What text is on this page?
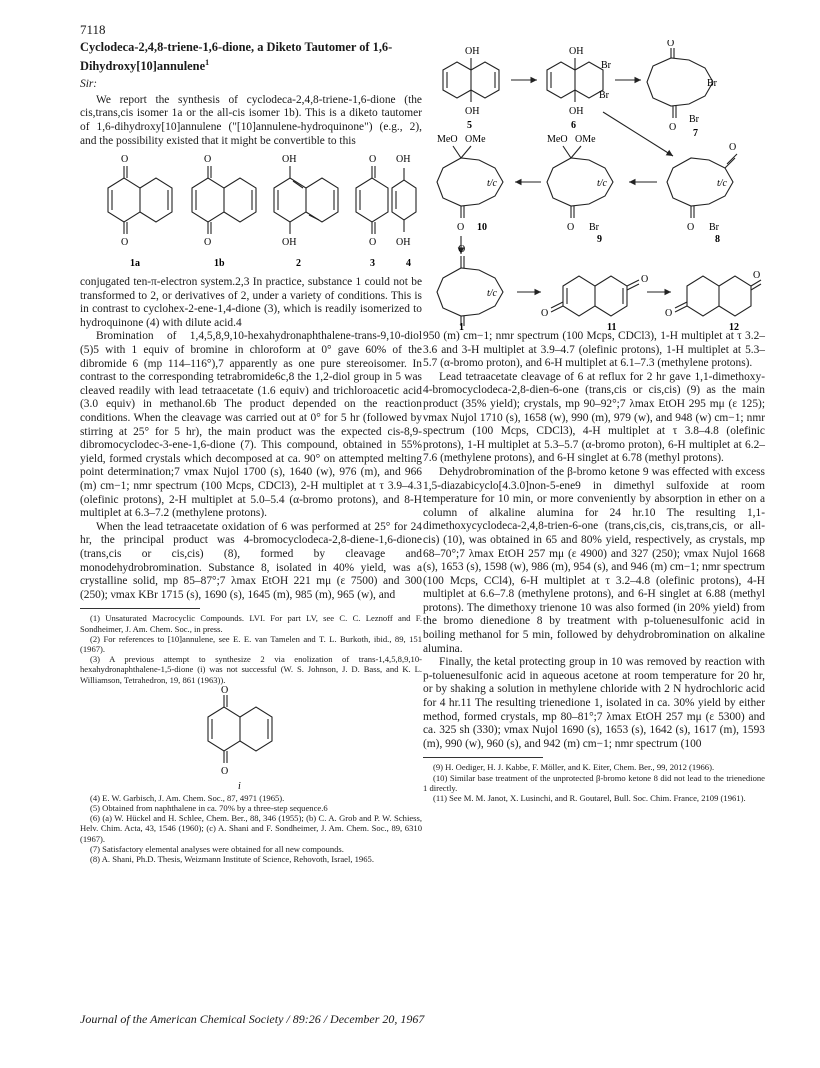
7118
Cyclodeca-2,4,8-triene-1,6-dione, a Diketo Tautomer of 1,6-Dihydroxy[10]annulene$^1$
Sir:

We report the synthesis of cyclodeca-2,4,8-triene-1,6-dione (the cis,trans,cis isomer 1a or the all-cis isomer 1b). This is a diketo tautomer of 1,6-dihydroxy[10]annulene ("[10]annulene-hydroquinone") (e.g., 2), and the possibility existed that it might be convertible to this

O
O
O
O
OH
OH
O
O
OH
OH
1a	1b	2	3	4

conjugated ten-π-electron system.2,3 In practice, substance 1 could not be transformed to 2, or derivatives of 2, under a variety of conditions. This is in contrast to cyclohex-2-ene-1,4-dione (3), which is readily isomerized to hydroquinone (4) with dilute acid.4

Bromination of 1,4,5,8,9,10-hexahydronaphthalene-trans-9,10-diol (5)5 with 1 equiv of bromine in chloroform at 0° gave 60% of the dibromide 6 (mp 114–116°),7 apparently as one pure stereoisomer. In contrast to the corresponding tetrabromide6c,8 the 1,2-diol group in 5 was cleaved readily with lead tetraacetate (1.6 equiv) and trichloroacetic acid (3.0 equiv) in methanol.6b The product depended on the reaction conditions. When the cleavage was carried out at 0° for 5 hr (followed by stirring at 25° for 5 hr), the main product was the expected cis-8,9-dibromocyclodec-3-ene-1,6-dione (7). This compound, obtained in 55% yield, formed crystals which decomposed at ca. 90° on attempted melting point determination;7 νmax Nujol 1700 (s), 1640 (w), 976 (m), and 966 (m) cm−1; nmr spectrum (100 Mcps, CDCl3), 2-H multiplet at τ 3.9–4.3 (olefinic protons), 2-H multiplet at 5.0–5.4 (α-bromo protons), and 8-H multiplet at 6.3–7.2 (methylene protons).

When the lead tetraacetate oxidation of 6 was performed at 25° for 24 hr, the principal product was 4-bromocyclodeca-2,8-diene-1,6-dione (trans,cis or cis,cis) (8), formed by cleavage and monodehydrobromination. Substance 8, isolated in 40% yield, was a crystalline solid, mp 85–87°;7 λmax EtOH 221 mμ (ε 7500) and 300 (250); νmax KBr 1715 (s), 1690 (s), 1645 (m), 985 (m), 965 (w), and

(1) Unsaturated Macrocyclic Compounds. LVI. For part LV, see C. C. Leznoff and F. Sondheimer, J. Am. Chem. Soc., in press.
(2) For references to [10]annulene, see E. E. van Tamelen and T. L. Burkoth, ibid., 89, 151 (1967).
(3) A previous attempt to synthesize 2 via enolization of trans-1,4,5,8,9,10-hexahydronaphthalene-1,5-dione (i) was not successful (W. S. Johnson, J. D. Bass, and K. L. Williamson, Tetrahedron, 19, 861 (1963)).
O
O
i
(4) E. W. Garbisch, J. Am. Chem. Soc., 87, 4971 (1965).
(5) Obtained from naphthalene in ca. 70% by a three-step sequence.6
(6) (a) W. Hückel and H. Schlee, Chem. Ber., 88, 346 (1955); (b) C. A. Grob and P. W. Schiess, Helv. Chim. Acta, 43, 1546 (1960); (c) A. Shani and F. Sondheimer, J. Am. Chem. Soc., 89, 6310 (1967).
(7) Satisfactory elemental analyses were obtained for all new compounds.
(8) A. Shani, Ph.D. Thesis, Weizmann Institute of Science, Rehovoth, Israel, 1965.
OH
OH
OH
OH
Br
Br
O
O
Br
Br
5	6
7
MeO OMe	MeO OMe
O
t/c	t/c	t/c
O	O Br	O Br
10
9	8
O
t/c
1
O
O
11
O
O
12

950 (m) cm−1; nmr spectrum (100 Mcps, CDCl3), 1-H multiplet at τ 3.2–3.6 and 3-H multiplet at 3.9–4.7 (olefinic protons), 1-H multiplet at 5.3–5.7 (α-bromo proton), and 6-H multiplet at 6.1–7.3 (methylene protons).

Lead tetraacetate cleavage of 6 at reflux for 2 hr gave 1,1-dimethoxy-4-bromocyclodeca-2,8-dien-6-one (trans,cis or cis,cis) (9) as the main product (35% yield); crystals, mp 90–92°;7 λmax EtOH 295 mμ (ε 125); νmax Nujol 1710 (s), 1658 (w), 990 (m), 979 (w), and 948 (w) cm−1; nmr spectrum (100 Mcps, CDCl3), 4-H multiplet at τ 3.8–4.8 (olefinic protons), 1-H multiplet at 5.3–5.7 (α-bromo proton), 6-H multiplet at 6.2–7.6 (methylene protons), and 6-H singlet at 6.78 (methyl protons).

Dehydrobromination of the β-bromo ketone 9 was effected with excess 1,5-diazabicyclo[4.3.0]non-5-ene9 in dimethyl sulfoxide at room temperature for 10 min, or more conveniently by absorption in ether on a column of alkaline alumina for 24 hr.10 The resulting 1,1-dimethoxycyclodeca-2,4,8-trien-6-one (trans,cis,cis, cis,trans,cis, or all-cis) (10), was obtained in 65 and 80% yield, respectively, as crystals, mp 68–70°;7 λmax EtOH 257 mμ (ε 4900) and 327 (250); νmax Nujol 1668 (s), 1653 (s), 1598 (w), 986 (m), 954 (s), and 946 (m) cm−1; nmr spectrum (100 Mcps, CCl4), 6-H multiplet at τ 3.2–4.8 (olefinic protons), 4-H multiplet at 6.6–7.8 (methylene protons), and 6-H singlet at 6.88 (methyl protons). The dimethoxy trienone 10 was also formed (in 20% yield) from the bromo dienedione 8 by treatment with p-toluenesulfonic acid in boiling methanol for 5 min, followed by dehydrobromination on alkaline alumina.

Finally, the ketal protecting group in 10 was removed by reaction with p-toluenesulfonic acid in aqueous acetone at room temperature for 20 hr, or by shaking a solution in methylene chloride with 2 N hydrochloric acid for 4 hr.11 The resulting trienedione 1, isolated in ca. 30% yield by either method, formed crystals, mp 80–81°;7 λmax EtOH 257 mμ (ε 5300) and ca. 325 sh (330); νmax Nujol 1690 (s), 1653 (s), 1642 (s), 1617 (m), 1593 (m), 990 (w), 960 (s), and 942 (m) cm−1; nmr spectrum (100

(9) H. Oediger, H. J. Kabbe, F. Möller, and K. Eiter, Chem. Ber., 99, 2012 (1966).
(10) Similar base treatment of the unprotected β-bromo ketone 8 did not lead to the trienedione 1 directly.
(11) See M. M. Janot, X. Lusinchi, and R. Goutarel, Bull. Soc. Chim. France, 2109 (1961).
Journal of the American Chemical Society / 89:26 / December 20, 1967
